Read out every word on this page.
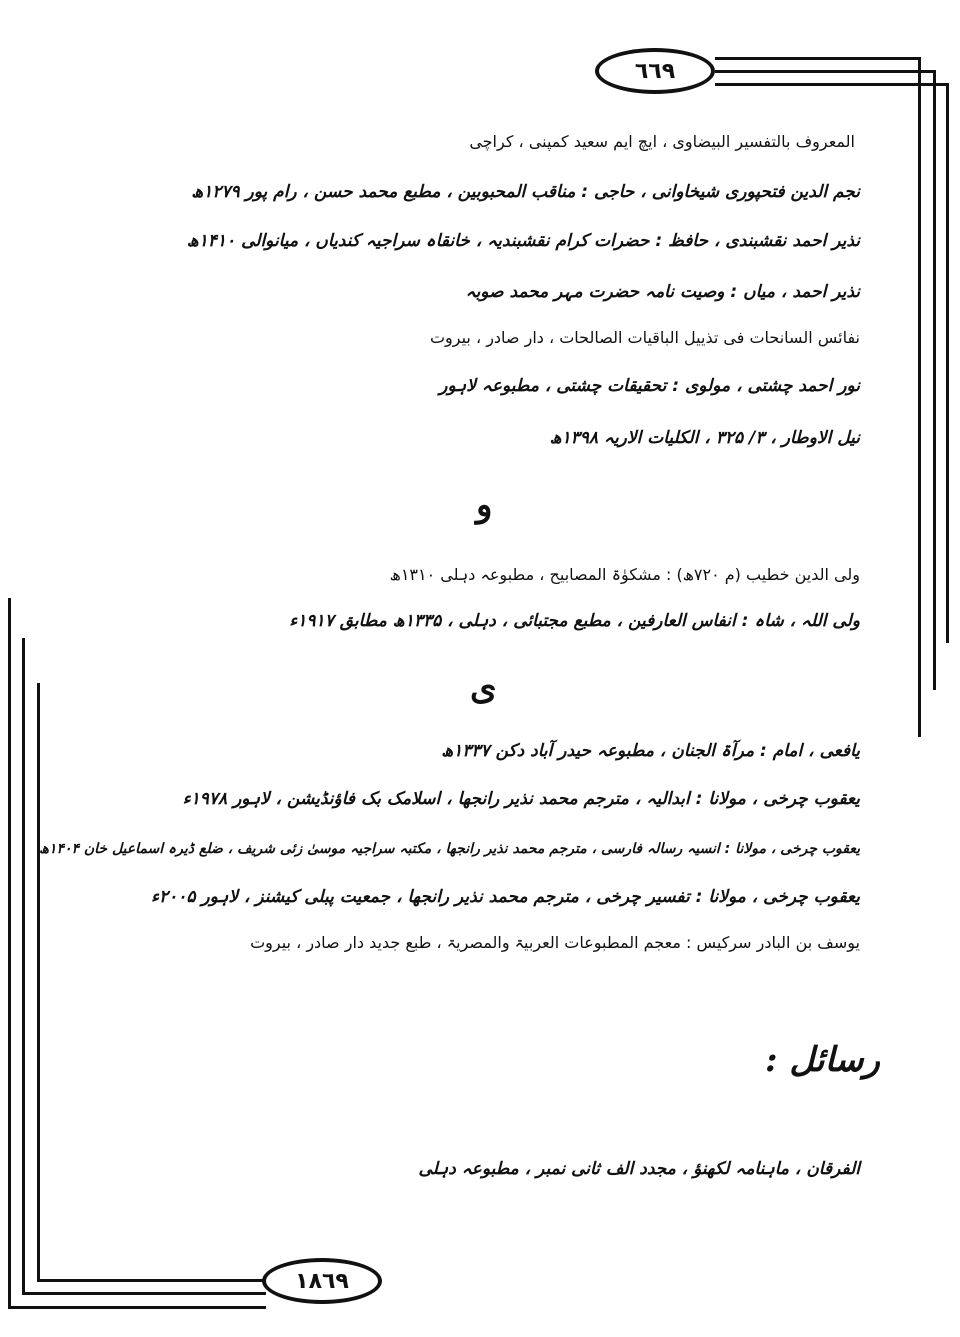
٦٦٩
١٨٦٩
المعروف بالتفسیر البیضاوی ، ایچ ایم سعید کمپنی ، کراچی
نجم الدین فتحپوری شیخاوانی ، حاجی : مناقب المحبوبین ، مطبع محمد حسن ، رام پور ۱۲۷۹ھ
نذیر احمد نقشبندی ، حافظ : حضرات کرام نقشبندیہ ، خانقاہ سراجیہ کندیاں ، میانوالی ۱۴۱۰ھ
نذیر احمد ، میاں : وصیت نامہ حضرت مہر محمد صوبہ
نفائس السانحات فی تذییل الباقیات الصالحات ، دار صادر ، بیروت
نور احمد چشتی ، مولوی : تحقیقات چشتی ، مطبوعہ لاہور
نیل الاوطار ، ۳/ ۳۲۵ ، الکلیات الاریہ ۱۳۹۸ھ
و
ولی الدین خطیب (م ۷۲۰ھ) : مشکوٰۃ المصابیح ، مطبوعہ دہلی ۱۳۱۰ھ
ولی اللہ ، شاہ : انفاس العارفین ، مطبع مجتبائی ، دہلی ، ۱۳۳۵ھ مطابق ۱۹۱۷ء
ی
یافعی ، امام : مرآۃ الجنان ، مطبوعہ حیدر آباد دکن ۱۳۳۷ھ
یعقوب چرخی ، مولانا : ابدالیہ ، مترجم محمد نذیر رانجھا ، اسلامک بک فاؤنڈیشن ، لاہور ۱۹۷۸ء
یعقوب چرخی ، مولانا : انسیہ رسالہ فارسی ، مترجم محمد نذیر رانجھا ، مکتبہ سراجیہ موسیٰ زئی شریف ، ضلع ڈیرہ اسماعیل خان ۱۴۰۴ھ
یعقوب چرخی ، مولانا : تفسیر چرخی ، مترجم محمد نذیر رانجھا ، جمعیت پبلی کیشنز ، لاہور ۲۰۰۵ء
یوسف بن البادر سرکیس : معجم المطبوعات العربیۃ والمصریۃ ، طبع جدید دار صادر ، بیروت
رسائل :
الفرقان ، ماہنامہ لکھنؤ ، مجدد الف ثانی نمبر ، مطبوعہ دہلی
